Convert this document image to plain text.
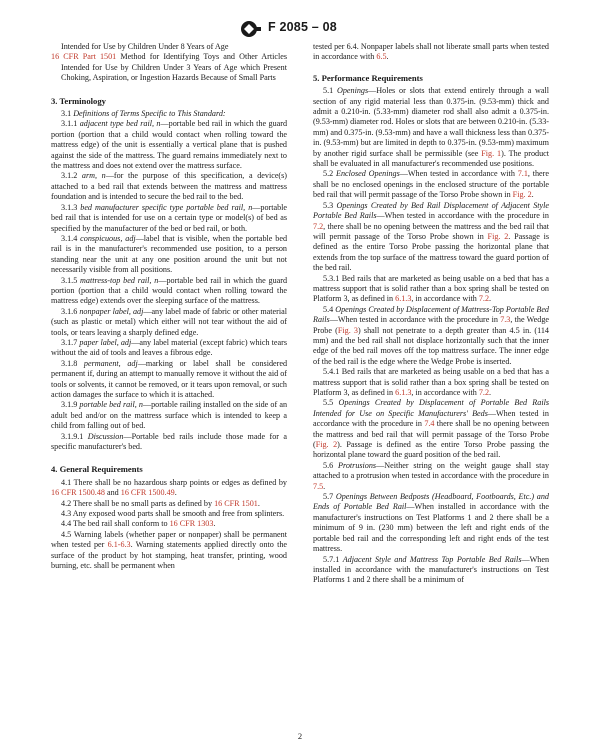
F 2085 – 08

Intended for Use by Children Under 8 Years of Age

16 CFR Part 1501 Method for Identifying Toys and Other Articles Intended for Use by Children Under 3 Years of Age which Present Choking, Aspiration, or Ingestion Hazards Because of Small Parts

3. Terminology

3.1 Definitions of Terms Specific to This Standard:

3.1.1 adjacent type bed rail, n—portable bed rail in which the guard portion (portion that a child would contact when rolling toward the mattress edge) of the unit is essentially a vertical plane that is pushed against the side of the mattress. The guard remains immediately next to the mattress and does not extend over the mattress surface.

3.1.2 arm, n—for the purpose of this specification, a device(s) attached to a bed rail that extends between the mattress and mattress foundation and is intended to secure the bed rail to the bed.

3.1.3 bed manufacturer specific type portable bed rail, n—portable bed rail that is intended for use on a certain type or model(s) of bed as specified by the manufacturer of the bed or bed rail, or both.

3.1.4 conspicuous, adj—label that is visible, when the portable bed rail is in the manufacturer's recommended use position, to a person standing near the unit at any one position around the unit but not necessarily visible from all positions.

3.1.5 mattress-top bed rail, n—portable bed rail in which the guard portion (portion that a child would contact when rolling toward the mattress edge) extends over the sleeping surface of the mattress.

3.1.6 nonpaper label, adj—any label made of fabric or other material (such as plastic or metal) which either will not tear without the aid of tools, or tears leaving a sharply defined edge.

3.1.7 paper label, adj—any label material (except fabric) which tears without the aid of tools and leaves a fibrous edge.

3.1.8 permanent, adj—marking or label shall be considered permanent if, during an attempt to manually remove it without the aid of tools or solvents, it cannot be removed, or it tears upon removal, or such action damages the surface to which it is attached.

3.1.9 portable bed rail, n—portable railing installed on the side of an adult bed and/or on the mattress surface which is intended to keep a child from falling out of bed.

3.1.9.1 Discussion—Portable bed rails include those made for a specific manufacturer's bed.

4. General Requirements

4.1 There shall be no hazardous sharp points or edges as defined by 16 CFR 1500.48 and 16 CFR 1500.49.

4.2 There shall be no small parts as defined by 16 CFR 1501.

4.3 Any exposed wood parts shall be smooth and free from splinters.

4.4 The bed rail shall conform to 16 CFR 1303.

4.5 Warning labels (whether paper or nonpaper) shall be permanent when tested per 6.1-6.3. Warning statements applied directly onto the surface of the product by hot stamping, heat transfer, printing, wood burning, etc. shall be permanent when

tested per 6.4. Nonpaper labels shall not liberate small parts when tested in accordance with 6.5.

5. Performance Requirements

5.1 Openings—Holes or slots that extend entirely through a wall section of any rigid material less than 0.375-in. (9.53-mm) thick and admit a 0.210-in. (5.33-mm) diameter rod shall also admit a 0.375-in. (9.53-mm) diameter rod. Holes or slots that are between 0.210-in. (5.33-mm) and 0.375-in. (9.53-mm) and have a wall thickness less than 0.375-in. (9.53-mm) but are limited in depth to 0.375-in. (9.53-mm) maximum by another rigid surface shall be permissible (see Fig. 1). The product shall be evaluated in all manufacturer's recommended use positions.

5.2 Enclosed Openings—When tested in accordance with 7.1, there shall be no enclosed openings in the enclosed structure of the portable bed rail that will permit passage of the Torso Probe shown in Fig. 2.

5.3 Openings Created by Bed Rail Displacement of Adjacent Style Portable Bed Rails—When tested in accordance with the procedure in 7.2, there shall be no opening between the mattress and the bed rail that will permit passage of the Torso Probe shown in Fig. 2. Passage is defined as the entire Torso Probe passing the horizontal plane that extends from the top surface of the mattress toward the guard portion of the bed rail.

5.3.1 Bed rails that are marketed as being usable on a bed that has a mattress support that is solid rather than a box spring shall be tested on Platform 3, as defined in 6.1.3, in accordance with 7.2.

5.4 Openings Created by Displacement of Mattress-Top Portable Bed Rails—When tested in accordance with the procedure in 7.3, the Wedge Probe (Fig. 3) shall not penetrate to a depth greater than 4.5 in. (114 mm) and the bed rail shall not displace horizontally such that the inner edge of the bed rail moves off the top mattress surface. The inner edge of the bed rail is the edge where the Wedge Probe is inserted.

5.4.1 Bed rails that are marketed as being usable on a bed that has a mattress support that is solid rather than a box spring shall be tested on Platform 3, as defined in 6.1.3, in accordance with 7.2.

5.5 Openings Created by Displacement of Portable Bed Rails Intended for Use on Specific Manufacturers' Beds—When tested in accordance with the procedure in 7.4 there shall be no opening between the mattress and bed rail that will permit passage of the Torso Probe (Fig. 2). Passage is defined as the entire Torso Probe passing the horizontal plane toward the guard position of the bed rail.

5.6 Protrusions—Neither string on the weight gauge shall stay attached to a protrusion when tested in accordance with the procedure in 7.5.

5.7 Openings Between Bedposts (Headboard, Footboards, Etc.) and Ends of Portable Bed Rail—When installed in accordance with the manufacturer's instructions on Test Platforms 1 and 2 there shall be a minimum of 9 in. (230 mm) between the left and right ends of the portable bed rail and the corresponding left and right ends of the test mattress.

5.7.1 Adjacent Style and Mattress Top Portable Bed Rails—When installed in accordance with the manufacturer's instructions on Test Platforms 1 and 2 there shall be a minimum of

2
